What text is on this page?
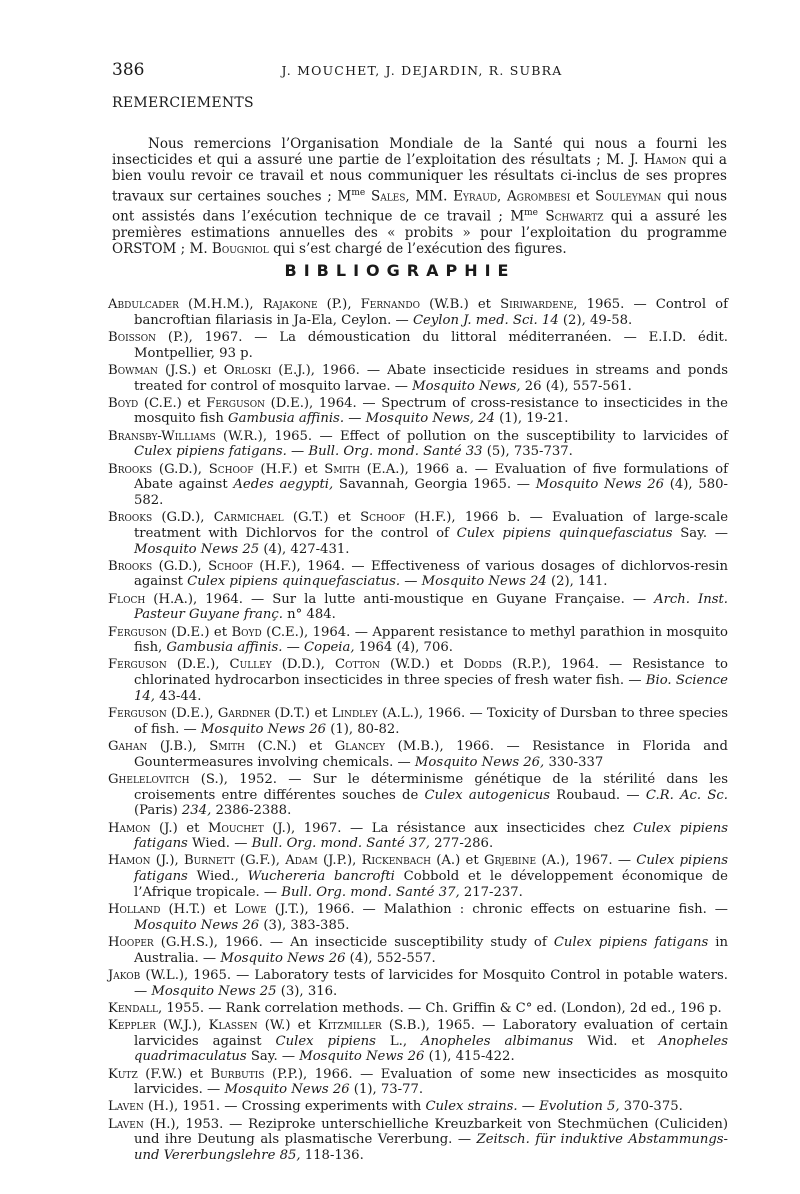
386	J. MOUCHET, J. DEJARDIN, R. SUBRA
REMERCIEMENTS

Nous remercions l’Organisation Mondiale de la Santé qui nous a fourni les insecticides et qui a assuré une partie de l’exploitation des résultats ; M. J. Hamon qui a bien voulu revoir ce travail et nous communiquer les résultats ci-inclus de ses propres travaux sur certaines souches ; $M^{me}$ Sales, MM. Eyraud, Agrombesi et Souleyman qui nous ont assistés dans l’exécution technique de ce travail ; $M^{me}$ Schwartz qui a assuré les premières estimations annuelles des « probits » pour l’exploitation du programme ORSTOM ; M. Bougniol qui s’est chargé de l’exécution des figures.

BIBLIOGRAPHIE
Abdulcader (M.H.M.), Rajakone (P.), Fernando (W.B.) et Siriwardene, 1965. — Control of bancroftian filariasis in Ja-Ela, Ceylon. — Ceylon J. med. Sci. 14 (2), 49-58.
Boisson (P.), 1967. — La démoustication du littoral méditerranéen. — E.I.D. édit. Montpellier, 93 p.
Bowman (J.S.) et Orloski (E.J.), 1966. — Abate insecticide residues in streams and ponds treated for control of mosquito larvae. — Mosquito News, 26 (4), 557-561.
Boyd (C.E.) et Ferguson (D.E.), 1964. — Spectrum of cross-resistance to insecticides in the mosquito fish Gambusia affinis. — Mosquito News, 24 (1), 19-21.
Bransby-Williams (W.R.), 1965. — Effect of pollution on the susceptibility to larvicides of Culex pipiens fatigans. — Bull. Org. mond. Santé 33 (5), 735-737.
Brooks (G.D.), Schoof (H.F.) et Smith (E.A.), 1966 a. — Evaluation of five formulations of Abate against Aedes aegypti, Savannah, Georgia 1965. — Mosquito News 26 (4), 580-582.
Brooks (G.D.), Carmichael (G.T.) et Schoof (H.F.), 1966 b. — Evaluation of large-scale treatment with Dichlorvos for the control of Culex pipiens quinquefasciatus Say. — Mosquito News 25 (4), 427-431.
Brooks (G.D.), Schoof (H.F.), 1964. — Effectiveness of various dosages of dichlorvos-resin against Culex pipiens quinquefasciatus. — Mosquito News 24 (2), 141.
Floch (H.A.), 1964. — Sur la lutte anti-moustique en Guyane Française. — Arch. Inst. Pasteur Guyane franç. n° 484.
Ferguson (D.E.) et Boyd (C.E.), 1964. — Apparent resistance to methyl parathion in mosquito fish, Gambusia affinis. — Copeia, 1964 (4), 706.
Ferguson (D.E.), Culley (D.D.), Cotton (W.D.) et Dodds (R.P.), 1964. — Resistance to chlorinated hydrocarbon insecticides in three species of fresh water fish. — Bio. Science 14, 43-44.
Ferguson (D.E.), Gardner (D.T.) et Lindley (A.L.), 1966. — Toxicity of Dursban to three species of fish. — Mosquito News 26 (1), 80-82.
Gahan (J.B.), Smith (C.N.) et Glancey (M.B.), 1966. — Resistance in Florida and Gountermeasures involving chemicals. — Mosquito News 26, 330-337
Ghelelovitch (S.), 1952. — Sur le déterminisme génétique de la stérilité dans les croisements entre différentes souches de Culex autogenicus Roubaud. — C.R. Ac. Sc. (Paris) 234, 2386-2388.
Hamon (J.) et Mouchet (J.), 1967. — La résistance aux insecticides chez Culex pipiens fatigans Wied. — Bull. Org. mond. Santé 37, 277-286.
Hamon (J.), Burnett (G.F.), Adam (J.P.), Rickenbach (A.) et Grjebine (A.), 1967. — Culex pipiens fatigans Wied., Wuchereria bancrofti Cobbold et le développement économique de l’Afrique tropicale. — Bull. Org. mond. Santé 37, 217-237.
Holland (H.T.) et Lowe (J.T.), 1966. — Malathion : chronic effects on estuarine fish. — Mosquito News 26 (3), 383-385.
Hooper (G.H.S.), 1966. — An insecticide susceptibility study of Culex pipiens fatigans in Australia. — Mosquito News 26 (4), 552-557.
Jakob (W.L.), 1965. — Laboratory tests of larvicides for Mosquito Control in potable waters. — Mosquito News 25 (3), 316.
Kendall, 1955. — Rank correlation methods. — Ch. Griffin & C° ed. (London), 2d ed., 196 p.
Keppler (W.J.), Klassen (W.) et Kitzmiller (S.B.), 1965. — Laboratory evaluation of certain larvicides against Culex pipiens L., Anopheles albimanus Wid. et Anopheles quadrimaculatus Say. — Mosquito News 26 (1), 415-422.
Kutz (F.W.) et Burbutis (P.P.), 1966. — Evaluation of some new insecticides as mosquito larvicides. — Mosquito News 26 (1), 73-77.
Laven (H.), 1951. — Crossing experiments with Culex strains. — Evolution 5, 370-375.
Laven (H.), 1953. — Reziproke unterschielliche Kreuzbarkeit von Stechmüchen (Culiciden) und ihre Deutung als plasmatische Vererbung. — Zeitsch. für induktive Abstammungs-und Vererbungslehre 85, 118-136.
